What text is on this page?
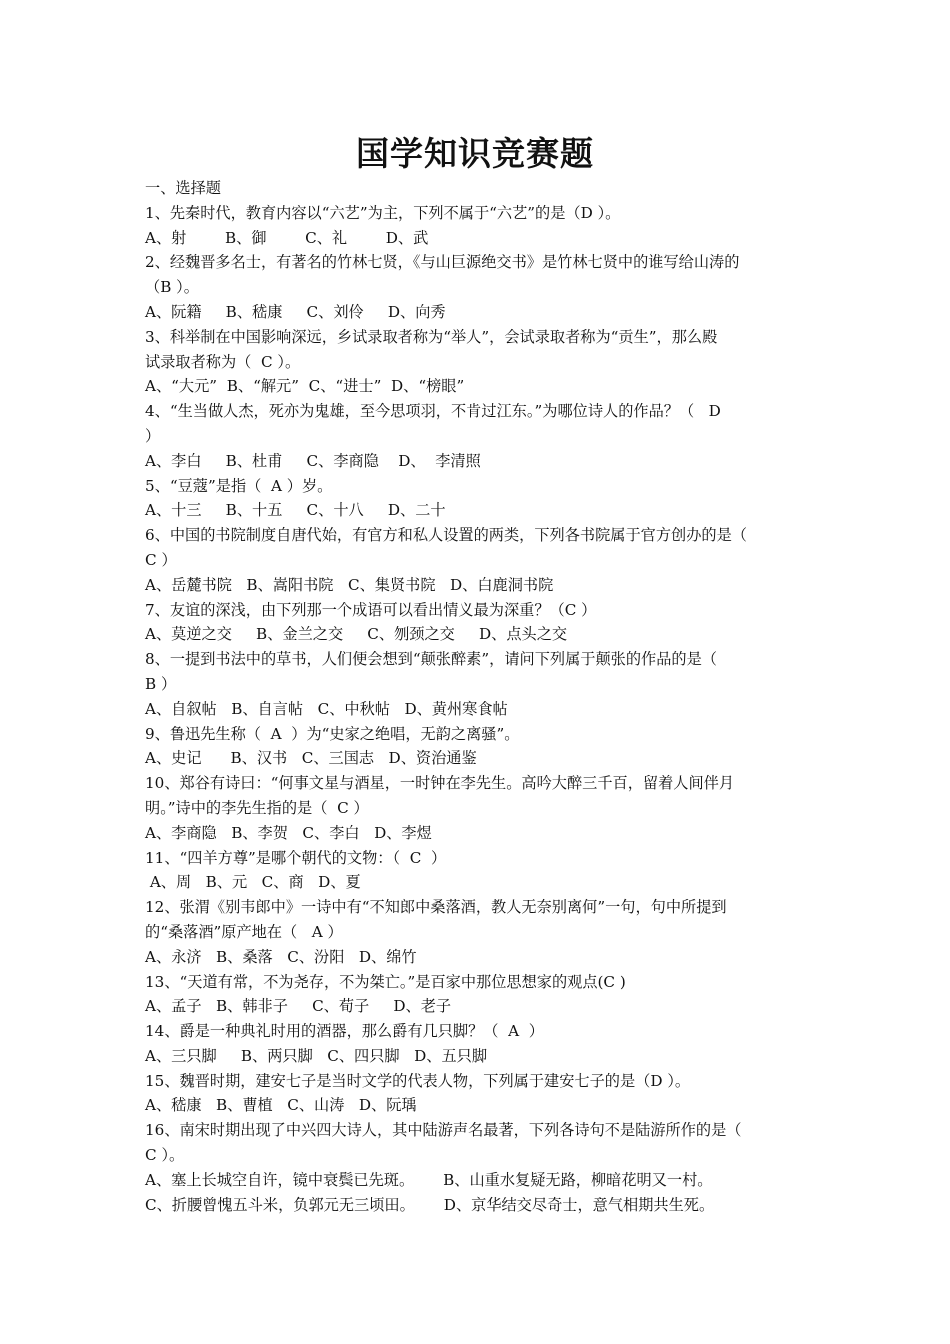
国学知识竞赛题
一、选择题
1、先秦时代，教育内容以“六艺”为主，下列不属于“六艺”的是（D ）。
A、射        B、御        C、礼        D、武
2、经魏晋多名士，有著名的竹林七贤，《与山巨源绝交书》是竹林七贤中的谁写给山涛的
（B ）。
A、阮籍     B、嵇康     C、刘伶     D、向秀
3、科举制在中国影响深远，乡试录取者称为“举人”，会试录取者称为“贡生”，那么殿
试录取者称为（  C ）。
A、“大元”  B、“解元”  C、“进士”  D、“榜眼”
4、“生当做人杰，死亦为鬼雄，至今思项羽，不肯过江东。”为哪位诗人的作品？（   D
）
A、李白     B、杜甫     C、李商隐    D、  李清照
5、“豆蔻”是指（  A ）岁。
A、十三     B、十五     C、十八     D、二十
6、中国的书院制度自唐代始，有官方和私人设置的两类，下列各书院属于官方创办的是（
C ）
A、岳麓书院   B、嵩阳书院   C、集贤书院   D、白鹿洞书院
7、友谊的深浅，由下列那一个成语可以看出情义最为深重？（C ）
A、莫逆之交     B、金兰之交     C、刎颈之交     D、点头之交
8、一提到书法中的草书，人们便会想到“颠张醉素”，请问下列属于颠张的作品的是（
B ）
A、自叙帖   B、自言帖   C、中秋帖   D、黄州寒食帖
9、鲁迅先生称（  A  ）为“史家之绝唱，无韵之离骚”。
A、史记      B、汉书   C、三国志   D、资治通鉴
10、郑谷有诗曰：“何事文星与酒星，一时钟在李先生。高吟大醉三千百，留着人间伴月
明。”诗中的李先生指的是（  C ）
A、李商隐   B、李贺   C、李白   D、李煜
11、“四羊方尊”是哪个朝代的文物：（  C  ）
A、周   B、元   C、商   D、夏
12、张渭《别韦郎中》一诗中有“不知郎中桑落酒，教人无奈别离何”一句，句中所提到
的“桑落酒”原产地在（   A ）
A、永济   B、桑落   C、汾阳   D、绵竹
13、“天道有常，不为尧存，不为桀亡。”是百家中那位思想家的观点(C )
A、孟子   B、韩非子     C、荀子     D、老子
14、爵是一种典礼时用的酒器，那么爵有几只脚？（  A  ）
A、三只脚     B、两只脚   C、四只脚   D、五只脚
15、魏晋时期，建安七子是当时文学的代表人物，下列属于建安七子的是（D ）。
A、嵇康   B、曹植   C、山涛   D、阮瑀
16、南宋时期出现了中兴四大诗人，其中陆游声名最著，下列各诗句不是陆游所作的是（
C ）。
A、塞上长城空自许，镜中衰鬓已先斑。      B、山重水复疑无路，柳暗花明又一村。
C、折腰曾愧五斗米，负郭元无三顷田。      D、京华结交尽奇士，意气相期共生死。
